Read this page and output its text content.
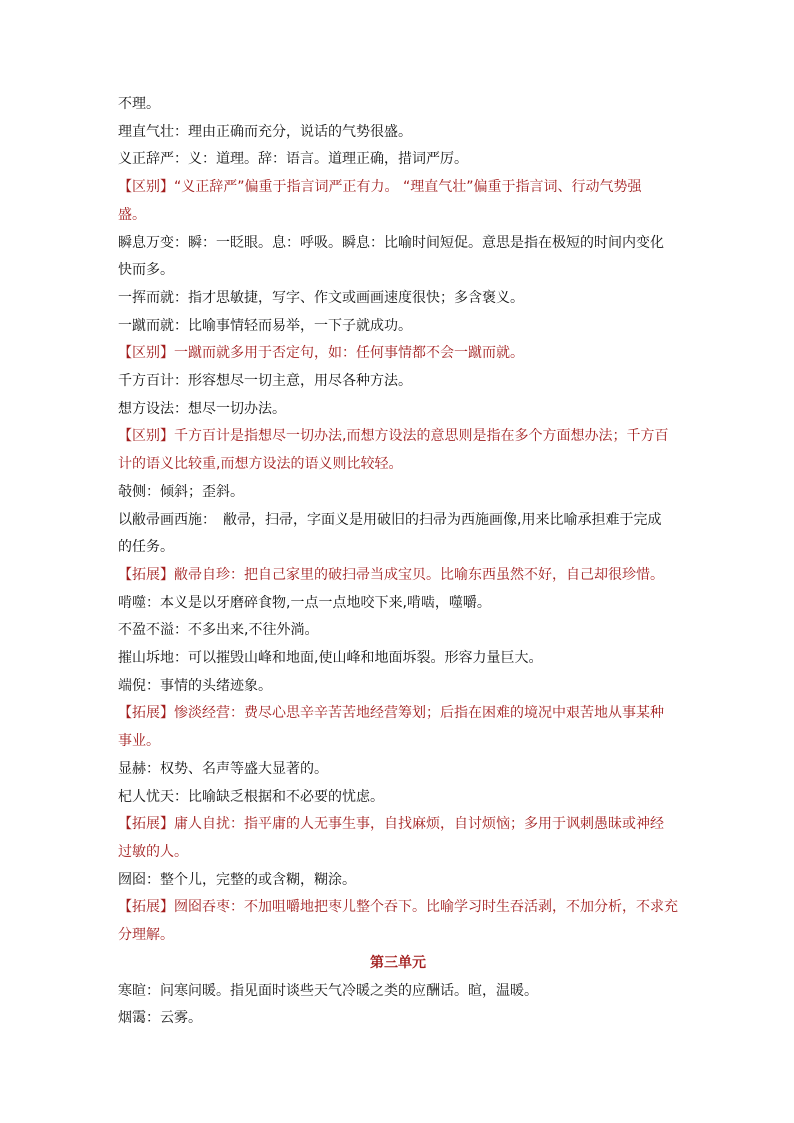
不理。

理直气壮：理由正确而充分，说话的气势很盛。

义正辞严：义：道理。辞：语言。道理正确，措词严厉。

【区别】“义正辞严”偏重于指言词严正有力。 “理直气壮”偏重于指言词、行动气势强

盛。

瞬息万变：瞬：一眨眼。息：呼吸。瞬息：比喻时间短促。意思是指在极短的时间内变化

快而多。

一挥而就：指才思敏捷，写字、作文或画画速度很快；多含褒义。

一蹴而就：比喻事情轻而易举，一下子就成功。

【区别】一蹴而就多用于否定句，如：任何事情都不会一蹴而就。

千方百计：形容想尽一切主意，用尽各种方法。

想方设法：想尽一切办法。

【区别】千方百计是指想尽一切办法,而想方设法的意思则是指在多个方面想办法；千方百

计的语义比较重,而想方设法的语义则比较轻。

攲侧：倾斜；歪斜。

以敝帚画西施：　敝帚，扫帚，字面义是用破旧的扫帚为西施画像,用来比喻承担难于完成

的任务。

【拓展】敝帚自珍：把自己家里的破扫帚当成宝贝。比喻东西虽然不好，自己却很珍惜。

啃噬：本义是以牙磨碎食物,一点一点地咬下来,啃啮，噬嚼。

不盈不溢：不多出来,不往外淌。

摧山坼地：可以摧毁山峰和地面,使山峰和地面坼裂。形容力量巨大。

端倪：事情的头绪迹象。

【拓展】惨淡经营：费尽心思辛辛苦苦地经营筹划；后指在困难的境况中艰苦地从事某种

事业。

显赫：权势、名声等盛大显著的。

杞人忧天：比喻缺乏根据和不必要的忧虑。

【拓展】庸人自扰：指平庸的人无事生事，自找麻烦，自讨烦恼；多用于讽刺愚昧或神经

过敏的人。

囫囵：整个儿，完整的或含糊，糊涂。

【拓展】囫囵吞枣：不加咀嚼地把枣儿整个吞下。比喻学习时生吞活剥，不加分析，不求充

分理解。

第三单元

寒暄：问寒问暖。指见面时谈些天气冷暖之类的应酬话。暄，温暖。

烟霭：云雾。
